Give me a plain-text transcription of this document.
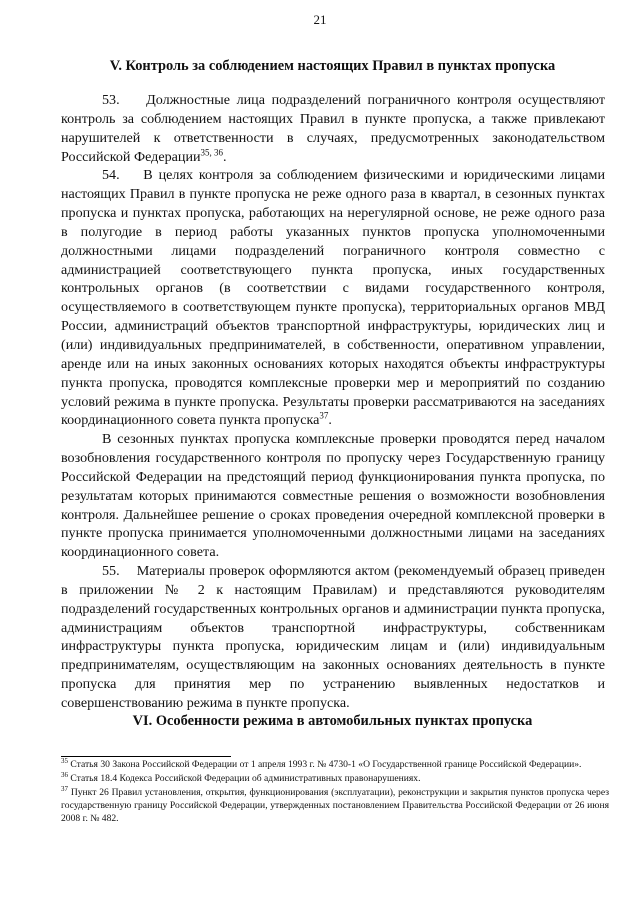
21
V. Контроль за соблюдением настоящих Правил в пунктах пропуска

53.    Должностные лица подразделений пограничного контроля осуществляют контроль за соблюдением настоящих Правил в пункте пропуска, а также привлекают нарушителей к ответственности в случаях, предусмотренных законодательством Российской Федерации$^{35, 36}$.

54.    В целях контроля за соблюдением физическими и юридическими лицами настоящих Правил в пункте пропуска не реже одного раза в квартал, в сезонных пунктах пропуска и пунктах пропуска, работающих на нерегулярной основе, не реже одного раза в полугодие в период работы указанных пунктов пропуска уполномоченными должностными лицами подразделений пограничного контроля совместно с администрацией соответствующего пункта пропуска, иных государственных контрольных органов (в соответствии с видами государственного контроля, осуществляемого в соответствующем пункте пропуска), территориальных органов МВД России, администраций объектов транспортной инфраструктуры, юридических лиц и (или) индивидуальных предпринимателей, в собственности, оперативном управлении, аренде или на иных законных основаниях которых находятся объекты инфраструктуры пункта пропуска, проводятся комплексные проверки мер и мероприятий по созданию условий режима в пункте пропуска. Результаты проверки рассматриваются на заседаниях координационного совета пункта пропуска$^{37}$.

В сезонных пунктах пропуска комплексные проверки проводятся перед началом возобновления государственного контроля по пропуску через Государственную границу Российской Федерации на предстоящий период функционирования пункта пропуска, по результатам которых принимаются совместные решения о возможности возобновления контроля. Дальнейшее решение о сроках проведения очередной комплексной проверки в пункте пропуска принимается уполномоченными должностными лицами на заседаниях координационного совета.

55.    Материалы проверок оформляются актом (рекомендуемый образец приведен в приложении № 2 к настоящим Правилам) и представляются руководителям подразделений государственных контрольных органов и администрации пункта пропуска, администрациям объектов транспортной инфраструктуры, собственникам инфраструктуры пункта пропуска, юридическим лицам и (или) индивидуальным предпринимателям, осуществляющим на законных основаниях деятельность в пункте пропуска для принятия мер по устранению выявленных недостатков и совершенствованию режима в пункте пропуска.

VI. Особенности режима в автомобильных пунктах пропуска
$^{35}$ Статья 30 Закона Российской Федерации от 1 апреля 1993 г. № 4730-1 «О Государственной границе Российской Федерации».
$^{36}$ Статья 18.4 Кодекса Российской Федерации об административных правонарушениях.
$^{37}$ Пункт 26 Правил установления, открытия, функционирования (эксплуатации), реконструкции и закрытия пунктов пропуска через государственную границу Российской Федерации, утвержденных постановлением Правительства Российской Федерации от 26 июня 2008 г. № 482.
